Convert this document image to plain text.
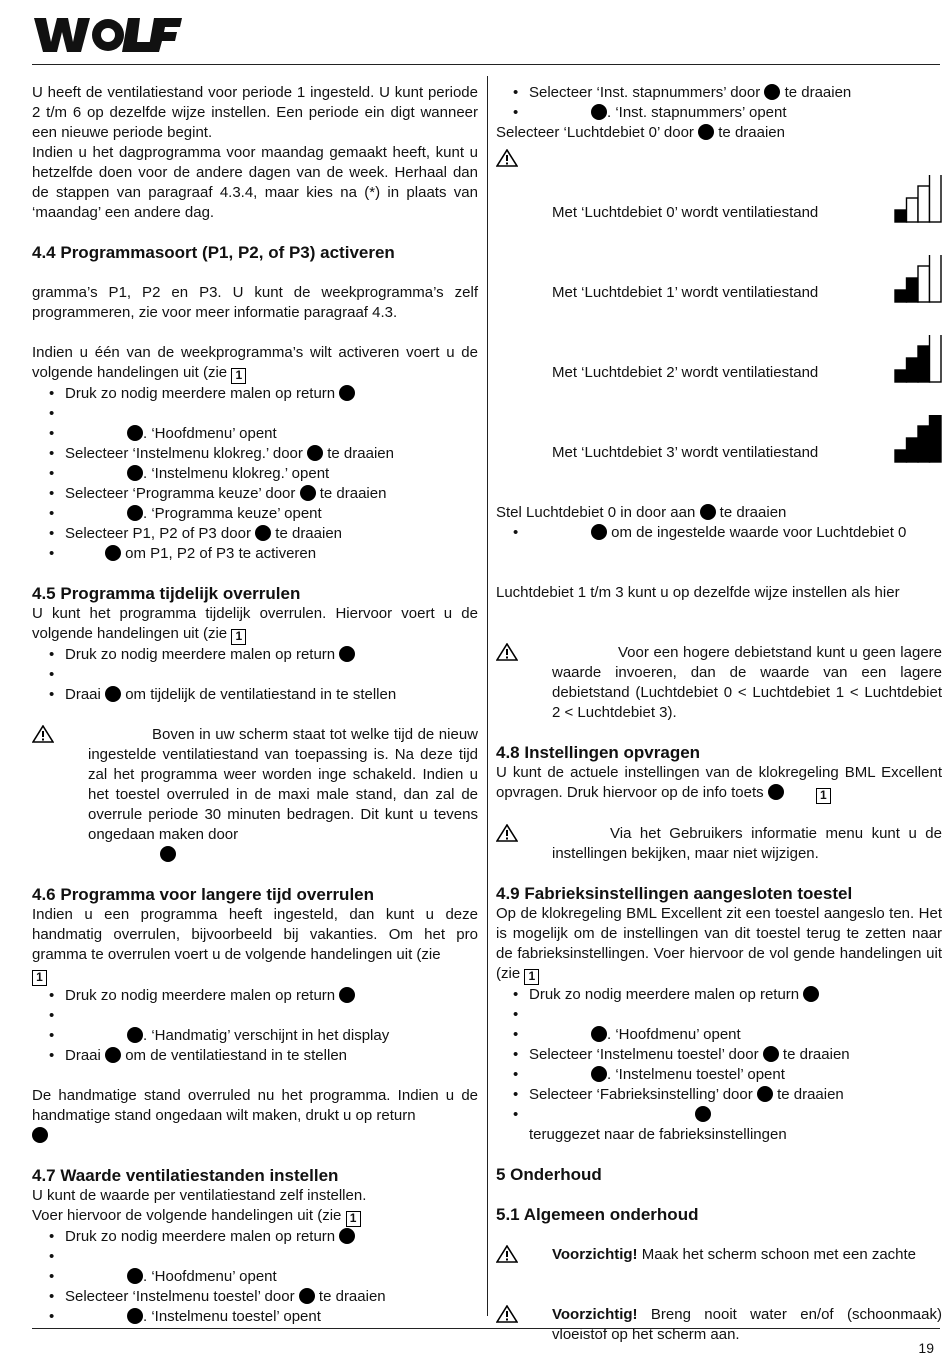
U heeft de ventilatiestand voor periode 1 ingesteld. U kunt periode 2 t/m 6 op dezelfde wijze instellen. Een periode ein digt wanneer een nieuwe periode begint.

Indien u het dagprogramma voor maandag gemaakt heeft, kunt u hetzelfde doen voor de andere dagen van de week. Herhaal dan de stappen van paragraaf 4.3.4, maar kies na (*) in plaats van ‘maandag’ een andere dag.

4.4 Programmasoort (P1, P2, of P3) activeren

gramma’s P1, P2 en P3. U kunt de weekprogramma’s zelf programmeren, zie voor meer informatie paragraaf 4.3.

Indien u één van de weekprogramma’s wilt activeren voert u de volgende handelingen uit (zie 1

• Druk zo nodig meerdere malen op return
•
• . ‘Hoofdmenu’ opent
• Selecteer ‘Instelmenu klokreg.’ door te draaien
• . ‘Instelmenu klokreg.’ opent
• Selecteer ‘Programma keuze’ door te draaien
• . ‘Programma keuze’ opent
• Selecteer P1, P2 of P3 door te draaien
• om P1, P2 of P3 te activeren
4.5 Programma tijdelijk overrulen

U kunt het programma tijdelijk overrulen. Hiervoor voert u de volgende handelingen uit (zie 1

• Druk zo nodig meerdere malen op return
•
• Draai om tijdelijk de ventilatiestand in te stellen

Boven in uw scherm staat tot welke tijd de nieuw ingestelde ventilatiestand van toepassing is. Na deze tijd zal het programma weer worden inge schakeld. Indien u het toestel overruled in de maxi male stand, dan zal de overrule periode 30 minuten bedragen. Dit kunt u tevens ongedaan maken door

4.6 Programma voor langere tijd overrulen

Indien u een programma heeft ingesteld, dan kunt u deze handmatig overrulen, bijvoorbeeld bij vakanties. Om het pro gramma te overrulen voert u de volgende handelingen uit (zie
1

• Druk zo nodig meerdere malen op return
•
• . ‘Handmatig’ verschijnt in het display
• Draai om de ventilatiestand in te stellen

De handmatige stand overruled nu het programma. Indien u de handmatige stand ongedaan wilt maken, drukt u op return

4.7 Waarde ventilatiestanden instellen

U kunt de waarde per ventilatiestand zelf instellen.

Voer hiervoor de volgende handelingen uit (zie 1

• Druk zo nodig meerdere malen op return
•
• . ‘Hoofdmenu’ opent
• Selecteer ‘Instelmenu toestel’ door te draaien
• . ‘Instelmenu toestel’ opent
• Selecteer ‘Inst. stapnummers’ door te draaien
• . ‘Inst. stapnummers’ opent

Selecteer ‘Luchtdebiet 0’ door te draaien

Met ‘Luchtdebiet 0’ wordt ventilatiestand
Met ‘Luchtdebiet 1’ wordt ventilatiestand
Met ‘Luchtdebiet 2’ wordt ventilatiestand
Met ‘Luchtdebiet 3’ wordt ventilatiestand

Stel Luchtdebiet 0 in door aan te draaien

• om de ingestelde waarde voor Luchtdebiet 0

Luchtdebiet 1 t/m 3 kunt u op dezelfde wijze instellen als hier

Voor een hogere debietstand kunt u geen lagere waarde invoeren, dan de waarde van een lagere debietstand (Luchtdebiet 0 < Luchtdebiet 1 < Luchtdebiet 2 < Luchtdebiet 3).

4.8 Instellingen opvragen

U kunt de actuele instellingen van de klokregeling BML Excellent opvragen. Druk hiervoor op de info toets	1

Via het Gebruikers informatie menu kunt u de instellingen bekijken, maar niet wijzigen.

4.9 Fabrieksinstellingen aangesloten toestel

Op de klokregeling BML Excellent zit een toestel aangeslo ten. Het is mogelijk om de instellingen van dit toestel terug te zetten naar de fabrieksinstellingen. Voer hiervoor de vol gende handelingen uit (zie 1

• Druk zo nodig meerdere malen op return
•
• . ‘Hoofdmenu’ opent
• Selecteer ‘Instelmenu toestel’ door te draaien
• . ‘Instelmenu toestel’ opent
• Selecteer ‘Fabrieksinstelling’ door te draaien

• teruggezet naar de fabrieksinstellingen
5 Onderhoud
5.1 Algemeen onderhoud

Voorzichtig! Maak het scherm schoon met een zachte

Voorzichtig! Breng nooit water en/of (schoonmaak) vloeistof op het scherm aan.

19
